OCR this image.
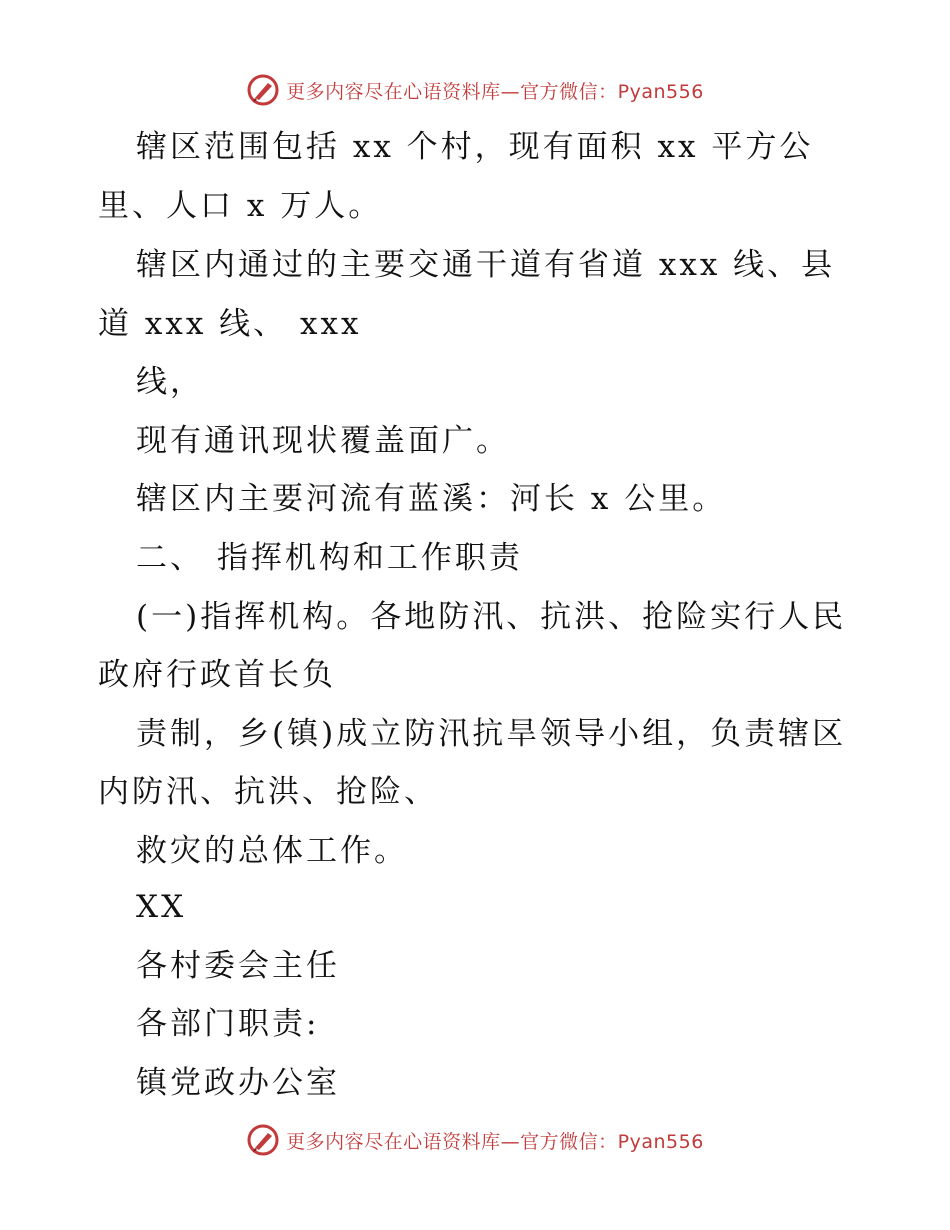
更多内容尽在心语资料库—官方微信：Pyan556
辖区范围包括 xx 个村，现有面积 xx 平方公
里、人口 x 万人。
辖区内通过的主要交通干道有省道 xxx 线、县
道 xxx 线、 xxx
线，
现有通讯现状覆盖面广。
辖区内主要河流有蓝溪：河长 x 公里。
二、 指挥机构和工作职责
(一)指挥机构。各地防汛、抗洪、抢险实行人民
政府行政首长负
责制，乡(镇)成立防汛抗旱领导小组，负责辖区
内防汛、抗洪、抢险、
救灾的总体工作。
XX
各村委会主任
各部门职责:
镇党政办公室
更多内容尽在心语资料库—官方微信：Pyan556
